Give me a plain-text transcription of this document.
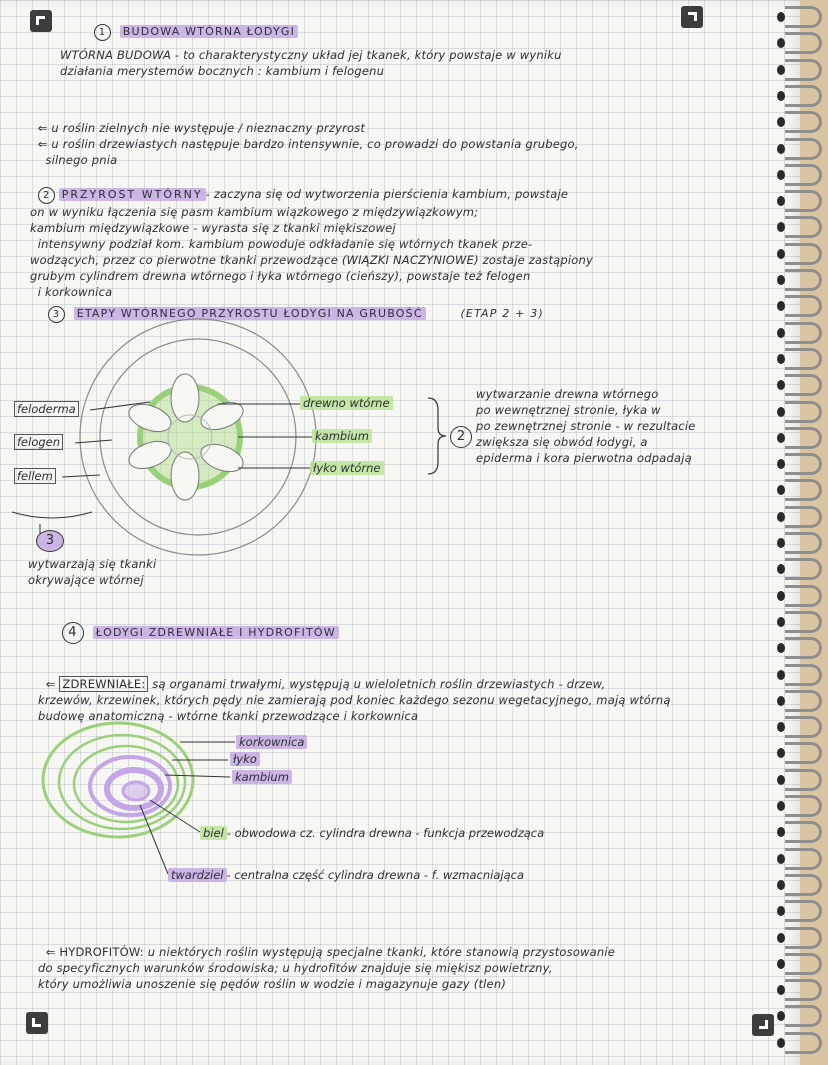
1 BUDOWA WTÓRNA ŁODYGI

WTÓRNA BUDOWA - to charakterystyczny układ jej tkanek, który powstaje w wyniku
działania merystemów bocznych : kambium i felogenu

⇐ u roślin zielnych nie występuje / nieznaczny przyrost

⇐ u roślin drzewiastych następuje bardzo intensywnie, co prowadzi do powstania grubego,
silnego pnia

2 PRZYROST WTÓRNY - zaczyna się od wytworzenia pierścienia kambium, powstaje
on w wyniku łączenia się pasm kambium wiązkowego z międzywiązkowym;
kambium międzywiązkowe - wyrasta się z tkanki miękiszowej
intensywny podział kom. kambium powoduje odkładanie się wtórnych tkanek prze-
wodzących, przez co pierwotne tkanki przewodzące (WIĄZKI NACZYNIOWE) zostaje zastąpiony
grubym cylindrem drewna wtórnego i łyka wtórnego (cieńszy), powstaje też felogen
i korkownica

3 ETAPY WTÓRNEGO PRZYROSTU ŁODYGI NA GRUBOŚĆ	(ETAP 2 + 3)
feloderma
felogen
fellem
drewno wtórne
kambium
łyko wtórne
2

wytwarzanie drewna wtórnego
po wewnętrznej stronie, łyka w
po zewnętrznej stronie - w rezultacie
zwiększa się obwód łodygi, a
epiderma i kora pierwotna odpadają

3

wytwarzają się tkanki
okrywające wtórnej

4 ŁODYGI ZDREWNIAŁE I HYDROFITÓW

⇐ ZDREWNIAŁE: są organami trwałymi, występują u wieloletnich roślin drzewiastych - drzew,
krzewów, krzewinek, których pędy nie zamierają pod koniec każdego sezonu wegetacyjnego, mają wtórną
budowę anatomiczną - wtórne tkanki przewodzące i korkownica

korkownica
łyko
kambium
biel - obwodowa cz. cylindra drewna - funkcja przewodząca
twardziel - centralna część cylindra drewna - f. wzmacniająca

⇐ HYDROFITÓW: u niektórych roślin występują specjalne tkanki, które stanowią przystosowanie
do specyficznych warunków środowiska; u hydrofitów znajduje się miękisz powietrzny,
który umożliwia unoszenie się pędów roślin w wodzie i magazynuje gazy (tlen)
